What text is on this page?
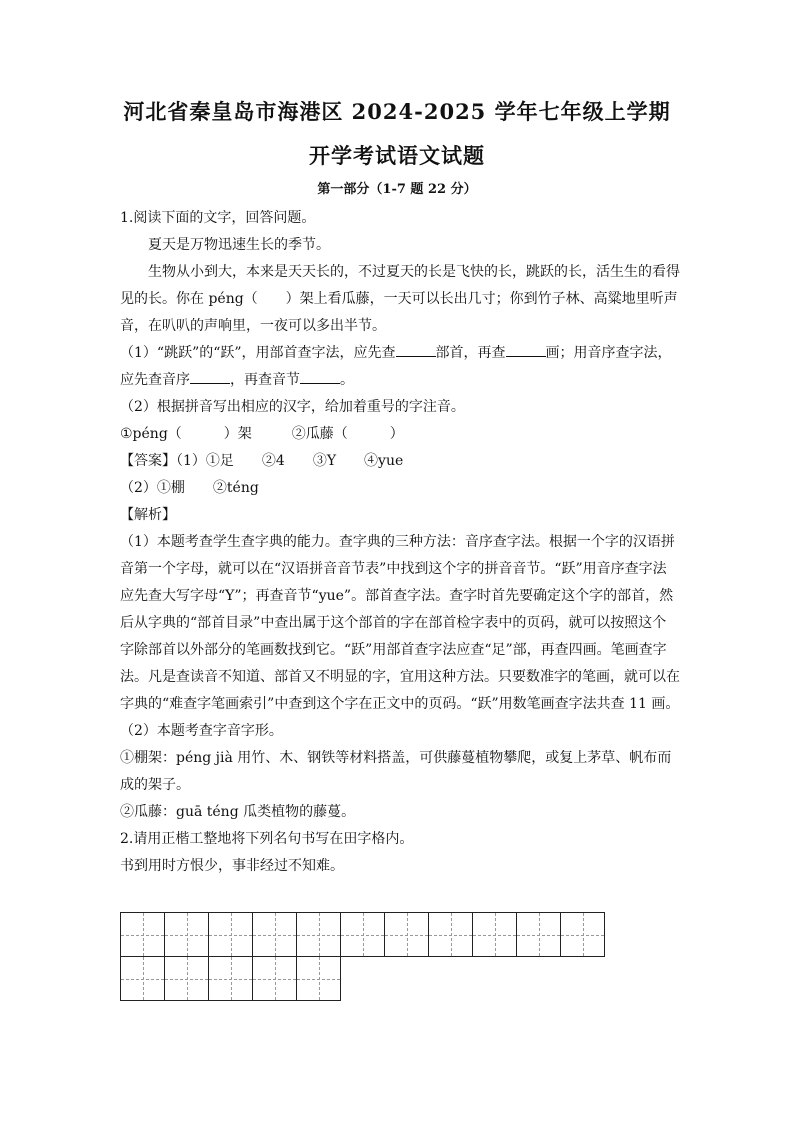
河北省秦皇岛市海港区 2024-2025 学年七年级上学期
开学考试语文试题
第一部分（1-7 题 22 分）

1.阅读下面的文字，回答问题。

夏天是万物迅速生长的季节。

生物从小到大，本来是天天长的，不过夏天的长是飞快的长，跳跃的长，活生生的看得见的长。你在 péng（　　）架上看瓜藤，一天可以长出几寸；你到竹子林、高粱地里听声音，在叭叭的声响里，一夜可以多出半节。

（1）“跳跃”的“跃”，用部首查字法，应先查	部首，再查	画；用音序查字法，应先查音序	，再查音节	。

（2）根据拼音写出相应的汉字，给加着重号的字注音。

①péng（　　　）架	②瓜藤（　　　）

【答案】（1）①足　　②4　　③Y　　④yue

（2）①棚　　②téng

【解析】

（1）本题考查学生查字典的能力。查字典的三种方法：音序查字法。根据一个字的汉语拼音第一个字母，就可以在“汉语拼音音节表”中找到这个字的拼音音节。“跃”用音序查字法应先查大写字母“Y”；再查音节“yue”。部首查字法。查字时首先要确定这个字的部首，然后从字典的“部首目录”中查出属于这个部首的字在部首检字表中的页码，就可以按照这个字除部首以外部分的笔画数找到它。“跃”用部首查字法应查“足”部，再查四画。笔画查字法。凡是查读音不知道、部首又不明显的字，宜用这种方法。只要数准字的笔画，就可以在字典的“难查字笔画索引”中查到这个字在正文中的页码。“跃”用数笔画查字法共查 11 画。

（2）本题考查字音字形。

①棚架：péng jià 用竹、木、钢铁等材料搭盖，可供藤蔓植物攀爬，或复上茅草、帆布而成的架子。

②瓜藤：guā téng 瓜类植物的藤蔓。

2.请用正楷工整地将下列名句书写在田字格内。

书到用时方恨少，事非经过不知难。
